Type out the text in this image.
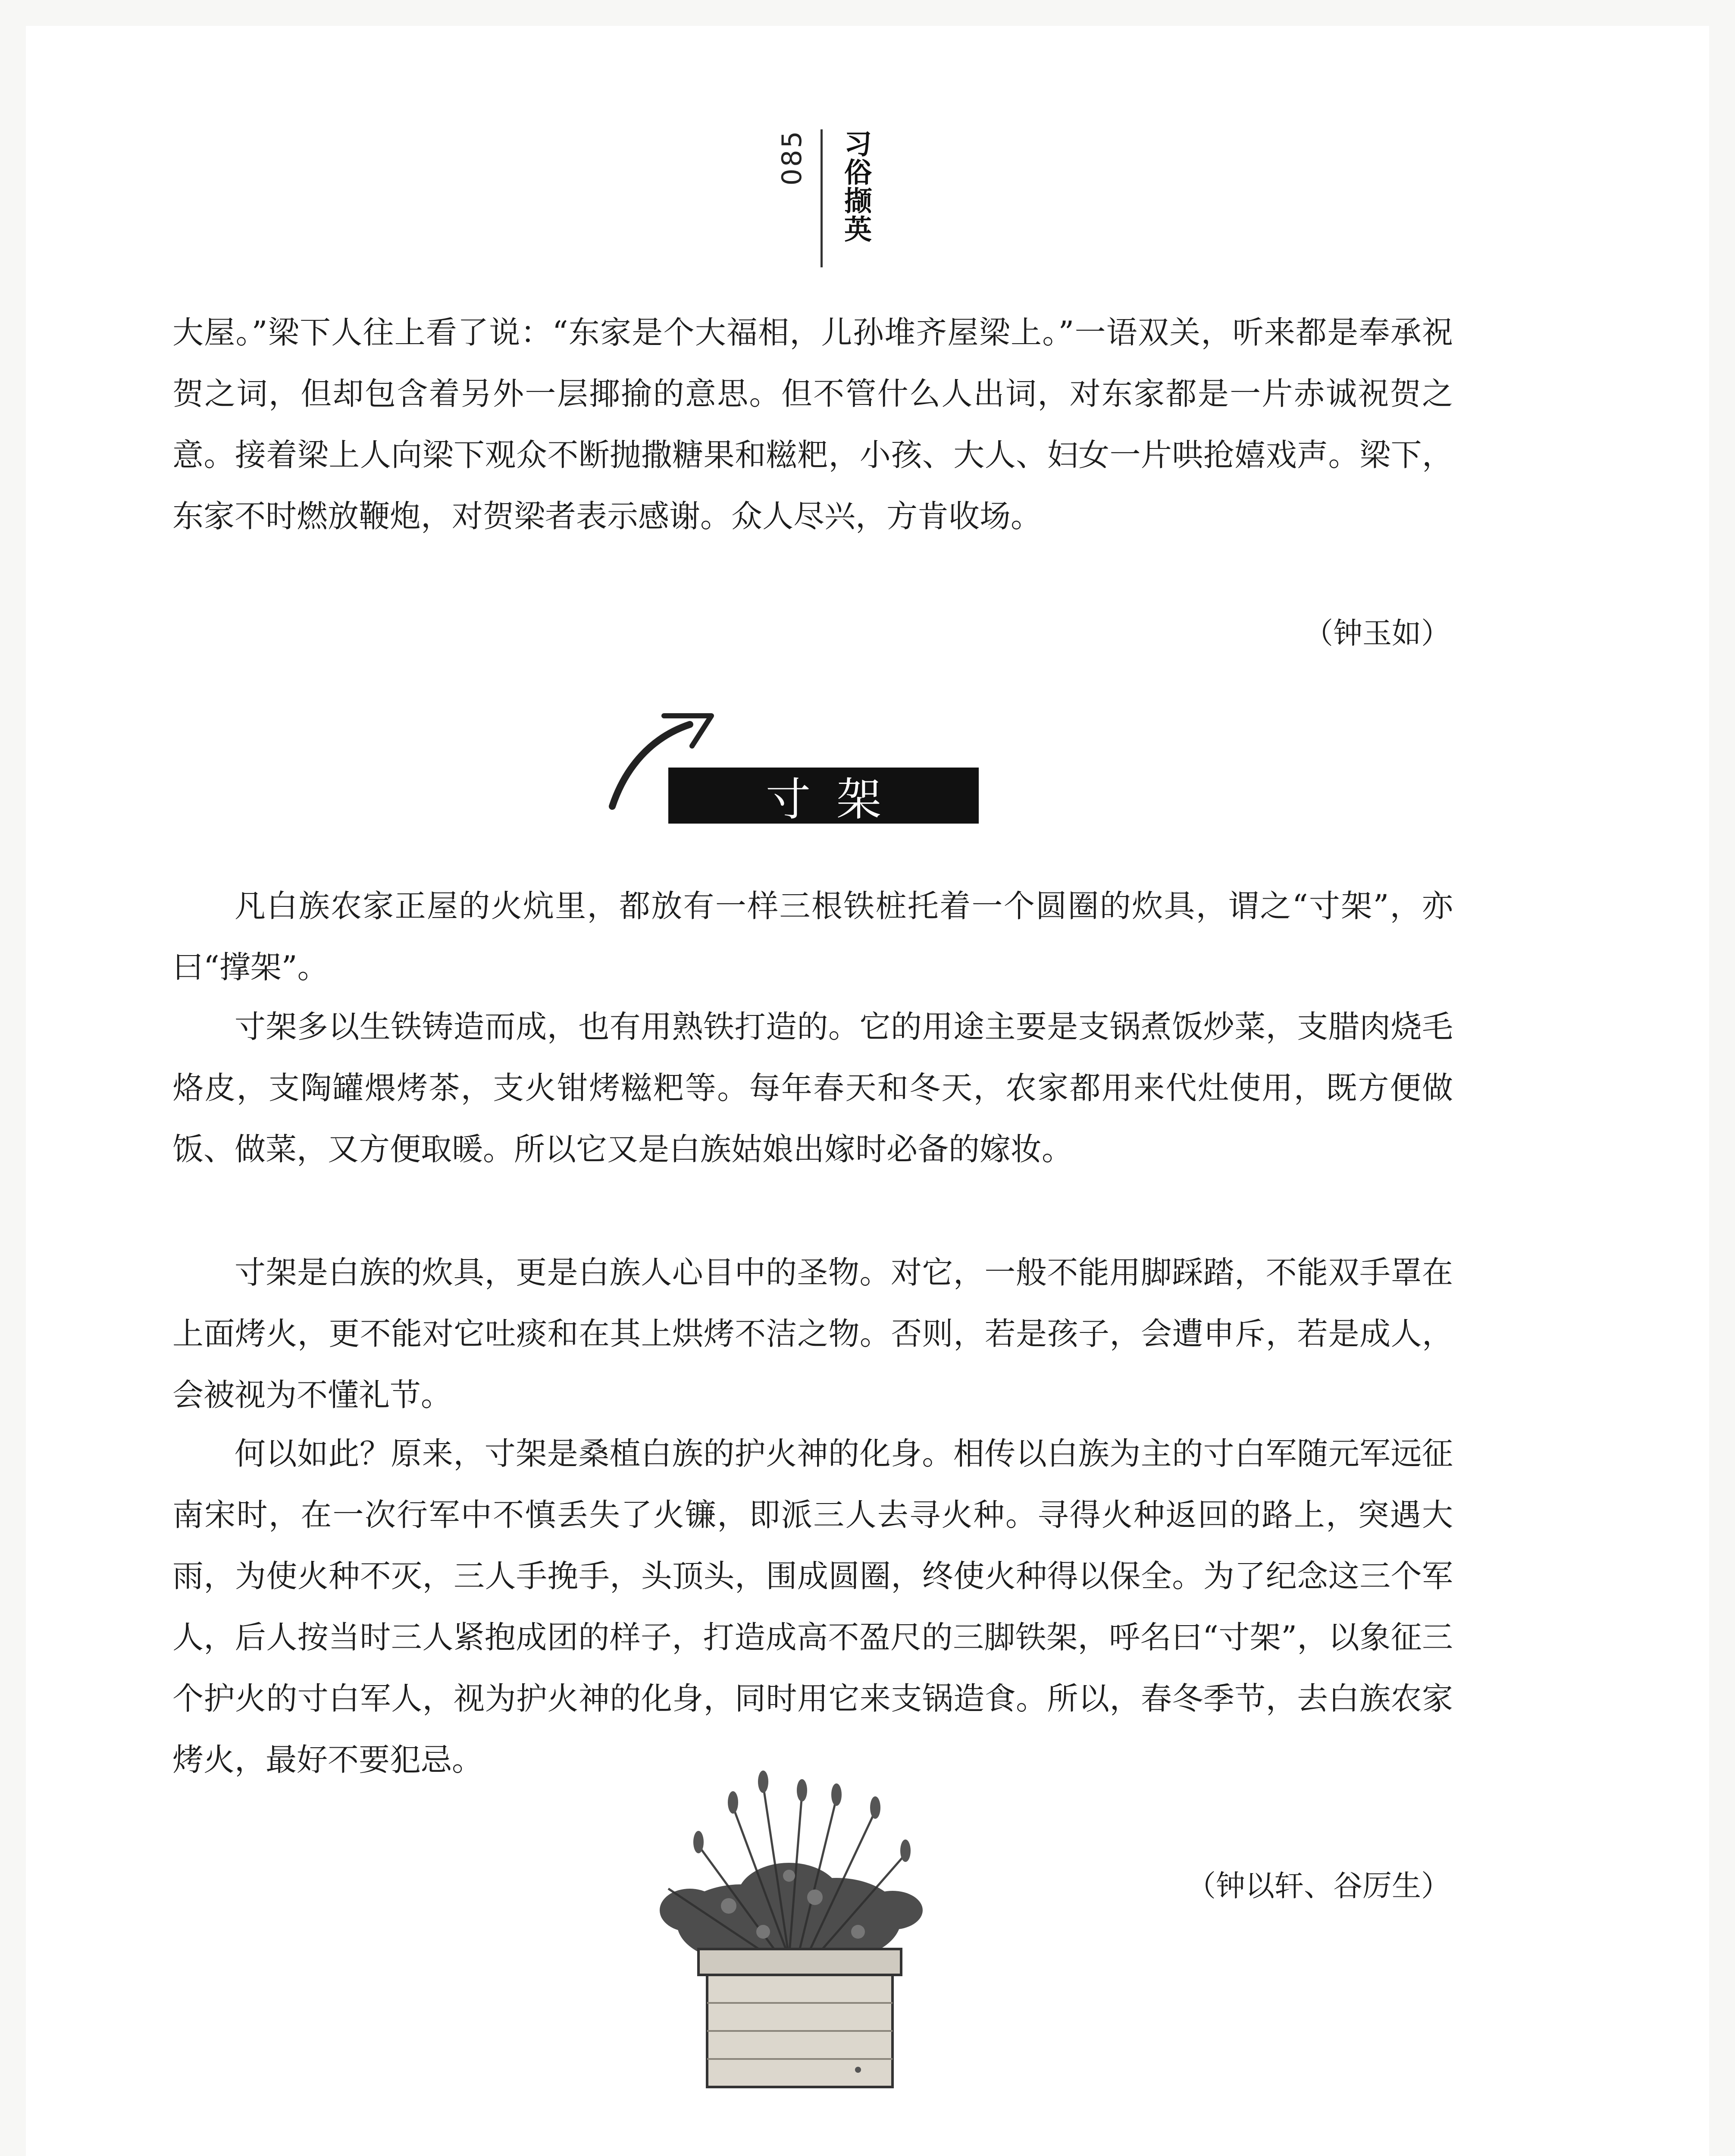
085 习俗撷英

大屋。”梁下人往上看了说：“东家是个大福相，儿孙堆齐屋梁上。”一语双关，听来都是奉承祝贺之词，但却包含着另外一层揶揄的意思。但不管什么人出词，对东家都是一片赤诚祝贺之意。接着梁上人向梁下观众不断抛撒糖果和糍粑，小孩、大人、妇女一片哄抢嬉戏声。梁下，东家不时燃放鞭炮，对贺梁者表示感谢。众人尽兴，方肯收场。

（钟玉如）

寸架

凡白族农家正屋的火炕里，都放有一样三根铁桩托着一个圆圈的炊具，谓之“寸架”，亦曰“撑架”。

寸架多以生铁铸造而成，也有用熟铁打造的。它的用途主要是支锅煮饭炒菜，支腊肉烧毛烙皮，支陶罐煨烤茶，支火钳烤糍粑等。每年春天和冬天，农家都用来代灶使用，既方便做饭、做菜，又方便取暖。所以它又是白族姑娘出嫁时必备的嫁妆。

寸架是白族的炊具，更是白族人心目中的圣物。对它，一般不能用脚踩踏，不能双手罩在上面烤火，更不能对它吐痰和在其上烘烤不洁之物。否则，若是孩子，会遭申斥，若是成人，会被视为不懂礼节。

何以如此？原来，寸架是桑植白族的护火神的化身。相传以白族为主的寸白军随元军远征南宋时，在一次行军中不慎丢失了火镰，即派三人去寻火种。寻得火种返回的路上，突遇大雨，为使火种不灭，三人手挽手，头顶头，围成圆圈，终使火种得以保全。为了纪念这三个军人，后人按当时三人紧抱成团的样子，打造成高不盈尺的三脚铁架，呼名曰“寸架”，以象征三个护火的寸白军人，视为护火神的化身，同时用它来支锅造食。所以，春冬季节，去白族农家烤火，最好不要犯忌。

（钟以轩、谷厉生）
